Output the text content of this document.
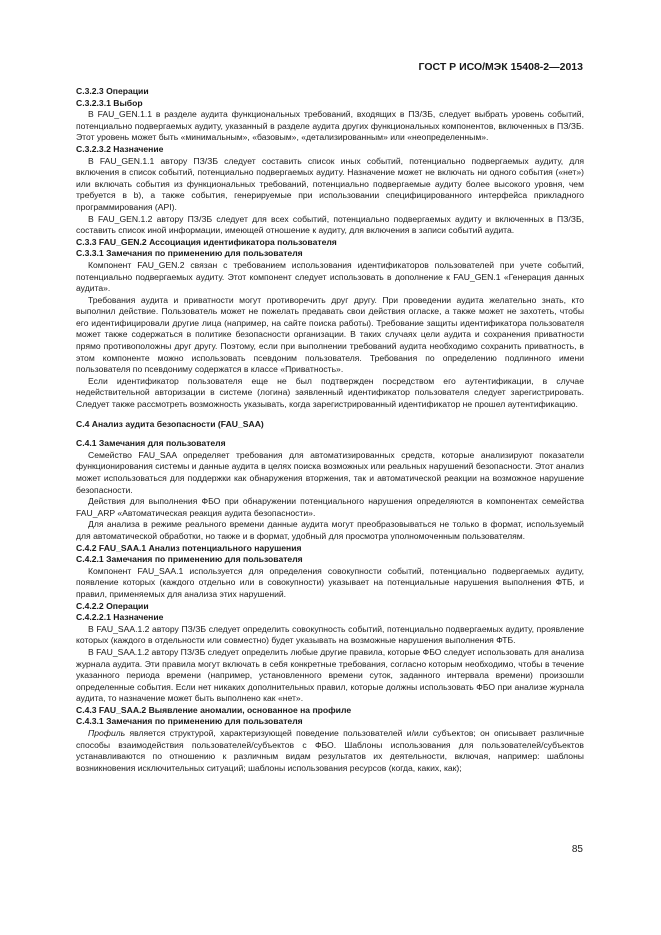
ГОСТ Р ИСО/МЭК 15408-2—2013

С.3.2.3 Операции

С.3.2.3.1 Выбор

В FAU_GEN.1.1 в разделе аудита функциональных требований, входящих в ПЗ/ЗБ, следует выбрать уровень событий, потенциально подвергаемых аудиту, указанный в разделе аудита других функциональных компонентов, включенных в ПЗ/ЗБ. Этот уровень может быть «минимальным», «базовым», «детализированным» или «неопределенным».

С.3.2.3.2 Назначение

В FAU_GEN.1.1 автору ПЗ/ЗБ следует составить список иных событий, потенциально подвергаемых аудиту, для включения в список событий, потенциально подвергаемых аудиту. Назначение может не включать ни одного события («нет») или включать события из функциональных требований, потенциально подвергаемые аудиту более высокого уровня, чем требуется в b), а также события, генерируемые при использовании специфицированного интерфейса прикладного программирования (API).

В FAU_GEN.1.2 автору ПЗ/ЗБ следует для всех событий, потенциально подвергаемых аудиту и включенных в ПЗ/ЗБ, составить список иной информации, имеющей отношение к аудиту, для включения в записи событий аудита.

С.3.3 FAU_GEN.2 Ассоциация идентификатора пользователя

С.3.3.1 Замечания по применению для пользователя

Компонент FAU_GEN.2 связан с требованием использования идентификаторов пользователей при учете событий, потенциально подвергаемых аудиту. Этот компонент следует использовать в дополнение к FAU_GEN.1 «Генерация данных аудита».

Требования аудита и приватности могут противоречить друг другу. При проведении аудита желательно знать, кто выполнил действие. Пользователь может не пожелать предавать свои действия огласке, а также может не захотеть, чтобы его идентифицировали другие лица (например, на сайте поиска работы). Требование защиты идентификатора пользователя может также содержаться в политике безопасности организации. В таких случаях цели аудита и сохранения приватности прямо противоположны друг другу. Поэтому, если при выполнении требований аудита необходимо сохранить приватность, в этом компоненте можно использовать псевдоним пользователя. Требования по определению подлинного имени пользователя по псевдониму содержатся в классе «Приватность».

Если идентификатор пользователя еще не был подтвержден посредством его аутентификации, в случае недействительной авторизации в системе (логина) заявленный идентификатор пользователя следует зарегистрировать. Следует также рассмотреть возможность указывать, когда зарегистрированный идентификатор не прошел аутентификацию.

С.4 Анализ аудита безопасности (FAU_SAA)

С.4.1 Замечания для пользователя

Семейство FAU_SAA определяет требования для автоматизированных средств, которые анализируют показатели функционирования системы и данные аудита в целях поиска возможных или реальных нарушений безопасности. Этот анализ может использоваться для поддержки как обнаружения вторжения, так и автоматической реакции на возможное нарушение безопасности.

Действия для выполнения ФБО при обнаружении потенциального нарушения определяются в компонентах семейства FAU_ARP «Автоматическая реакция аудита безопасности».

Для анализа в режиме реального времени данные аудита могут преобразовываться не только в формат, используемый для автоматической обработки, но также и в формат, удобный для просмотра уполномоченным пользователям.

С.4.2 FAU_SAA.1 Анализ потенциального нарушения

С.4.2.1 Замечания по применению для пользователя

Компонент FAU_SAA.1 используется для определения совокупности событий, потенциально подвергаемых аудиту, появление которых (каждого отдельно или в совокупности) указывает на потенциальные нарушения выполнения ФТБ, и правил, применяемых для анализа этих нарушений.

С.4.2.2 Операции

С.4.2.2.1 Назначение

В FAU_SAA.1.2 автору ПЗ/ЗБ следует определить совокупность событий, потенциально подвергаемых аудиту, проявление которых (каждого в отдельности или совместно) будет указывать на возможные нарушения выполнения ФТБ.

В FAU_SAA.1.2 автору ПЗ/ЗБ следует определить любые другие правила, которые ФБО следует использовать для анализа журнала аудита. Эти правила могут включать в себя конкретные требования, согласно которым необходимо, чтобы в течение указанного периода времени (например, установленного времени суток, заданного интервала времени) произошли определенные события. Если нет никаких дополнительных правил, которые должны использовать ФБО при анализе журнала аудита, то назначение может быть выполнено как «нет».

С.4.3 FAU_SAA.2 Выявление аномалии, основанное на профиле

С.4.3.1 Замечания по применению для пользователя

Профиль является структурой, характеризующей поведение пользователей и/или субъектов; он описывает различные способы взаимодействия пользователей/субъектов с ФБО. Шаблоны использования для пользователей/субъектов устанавливаются по отношению к различным видам результатов их деятельности, включая, например: шаблоны возникновения исключительных ситуаций; шаблоны использования ресурсов (когда, каких, как);

85
